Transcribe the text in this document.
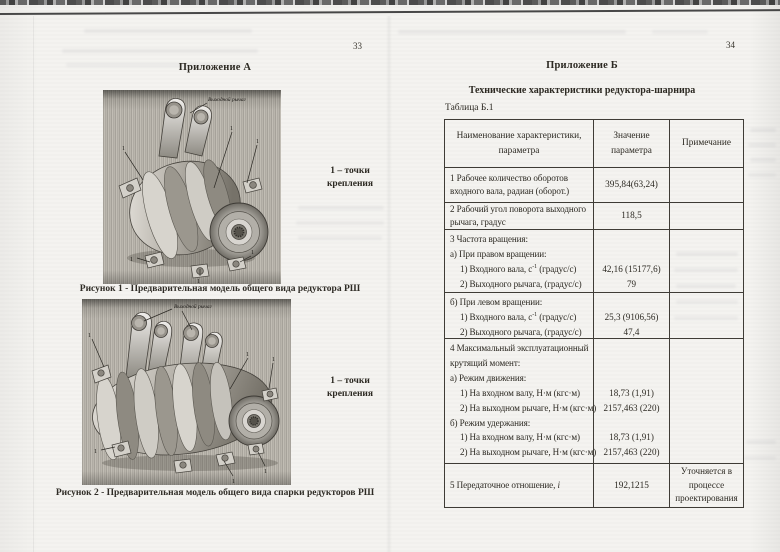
33
Приложение А
1
1
1
1
1
1
Выходной рычаг
1 – точки
крепления
Рисунок 1 - Предварительная модель общего вида редуктора РШ
1
1
1
1
1
1
Выходной рычаг
1 – точки
крепления
Рисунок 2 - Предварительная модель общего вида спарки редукторов РШ
34
Приложение Б
Технические характеристики редуктора-шарнира
Таблица Б.1
Наименование характеристики,
параметра
Значение
параметра
Примечание
1 Рабочее количество оборотов
входного вала, радиан (оборот.)
395,84(63,24)
2 Рабочий угол поворота выходного
рычага, градус
118,5
3 Частота вращения:
а) При правом вращении:
1) Входного вала, $с^{-1}$ (градус/с)
2) Выходного рычага, (градус/с)

42,16 (15177,6)
79
б) При левом вращении:
1) Входного вала, $с^{-1}$ (градус/с)
2) Выходного рычага, (градус/с)

25,3 (9106,56)
47,4
4 Максимальный эксплуатационный
крутящий момент:
а) Режим движения:
1) На входном валу, Н·м (кгс·м)
2) На выходном рычаге, Н·м (кгс·м)
б) Режим удержания:
1) На входном валу, Н·м (кгс·м)
2) На выходном рычаге, Н·м (кгс·м)

18,73 (1,91)
2157,463 (220)

18,73 (1,91)
2157,463 (220)
5 Передаточное отношение, i	192,1215
Уточняется в
процессе
проектирования
